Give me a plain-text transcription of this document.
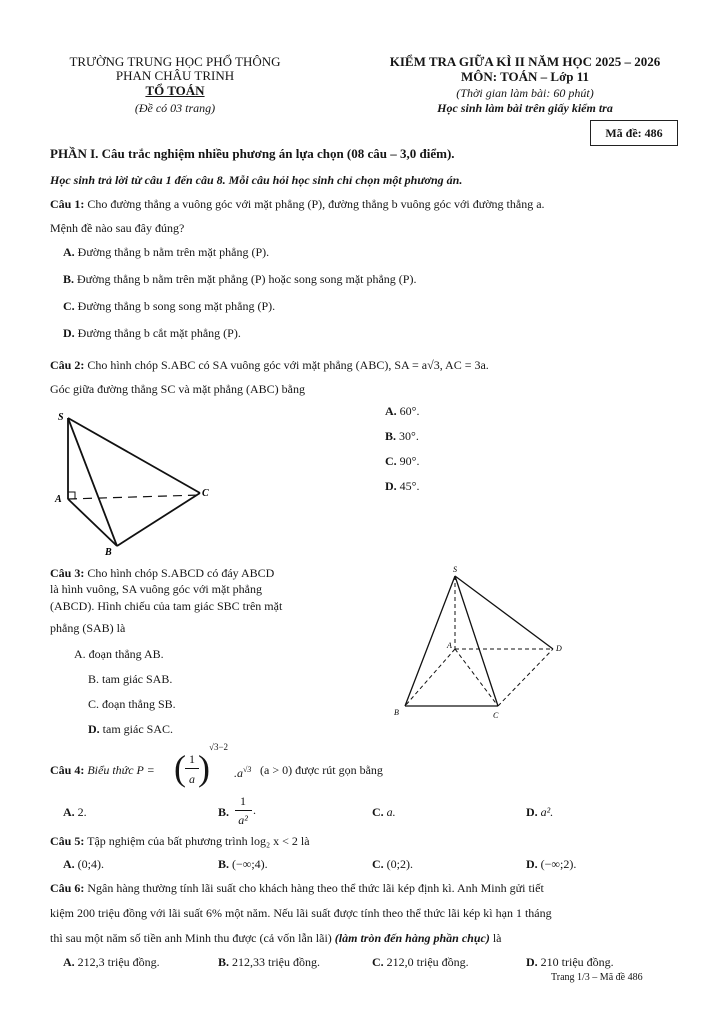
TRƯỜNG TRUNG HỌC PHỔ THÔNG
PHAN CHÂU TRINH
TỔ TOÁN
(Đề có 03 trang)
KIỂM TRA GIỮA KÌ II NĂM HỌC 2025 – 2026
MÔN: TOÁN – Lớp 11
(Thời gian làm bài: 60 phút)
Học sinh làm bài trên giấy kiểm tra
Mã đề: 486
PHẦN I. Câu trắc nghiệm nhiều phương án lựa chọn (08 câu – 3,0 điểm).
Học sinh trả lời từ câu 1 đến câu 8. Mỗi câu hỏi học sinh chỉ chọn một phương án.
Câu 1: Cho đường thẳng a vuông góc với mặt phẳng (P), đường thẳng b vuông góc với đường thẳng a.
Mệnh đề nào sau đây đúng?
A. Đường thẳng b nằm trên mặt phẳng (P).
B. Đường thẳng b nằm trên mặt phẳng (P) hoặc song song mặt phẳng (P).
C. Đường thẳng b song song mặt phẳng (P).
D. Đường thẳng b cắt mặt phẳng (P).
Câu 2: Cho hình chóp S.ABC có SA vuông góc với mặt phẳng (ABC), SA = a√3, AC = 3a.
Góc giữa đường thẳng SC và mặt phẳng (ABC) bằng
S
A
B
C
A. 60°.
B. 30°.
C. 90°.
D. 45°.
Câu 3: Cho hình chóp S.ABCD có đáy ABCD
là hình vuông, SA vuông góc với mặt phẳng
(ABCD). Hình chiếu của tam giác SBC trên mặt
phẳng (SAB) là
A. đoạn thẳng AB.
B. tam giác SAB.
C. đoạn thẳng SB.
D. tam giác SAC.
S
A
B	C
D
Câu 4: Biểu thức P = ( 1
a )
√3−2
$.a^{√3}$ (a > 0) được rút gọn bằng
A. 2.	B.
1
a²
.	C. a.	D. a².
Câu 5: Tập nghiệm của bất phương trình log₂ x < 2 là
A. (0;4).	B. (−∞;4).	C. (0;2).	D. (−∞;2).
Câu 6: Ngân hàng thường tính lãi suất cho khách hàng theo thể thức lãi kép định kì. Anh Minh gửi tiết
kiệm 200 triệu đồng với lãi suất 6% một năm. Nếu lãi suất được tính theo thể thức lãi kép kì hạn 1 tháng
thì sau một năm số tiền anh Minh thu được (cả vốn lẫn lãi) (làm tròn đến hàng phần chục) là
A. 212,3 triệu đồng.	B. 212,33 triệu đồng.	C. 212,0 triệu đồng.	D. 210 triệu đồng.
Trang 1/3 – Mã đề 486
